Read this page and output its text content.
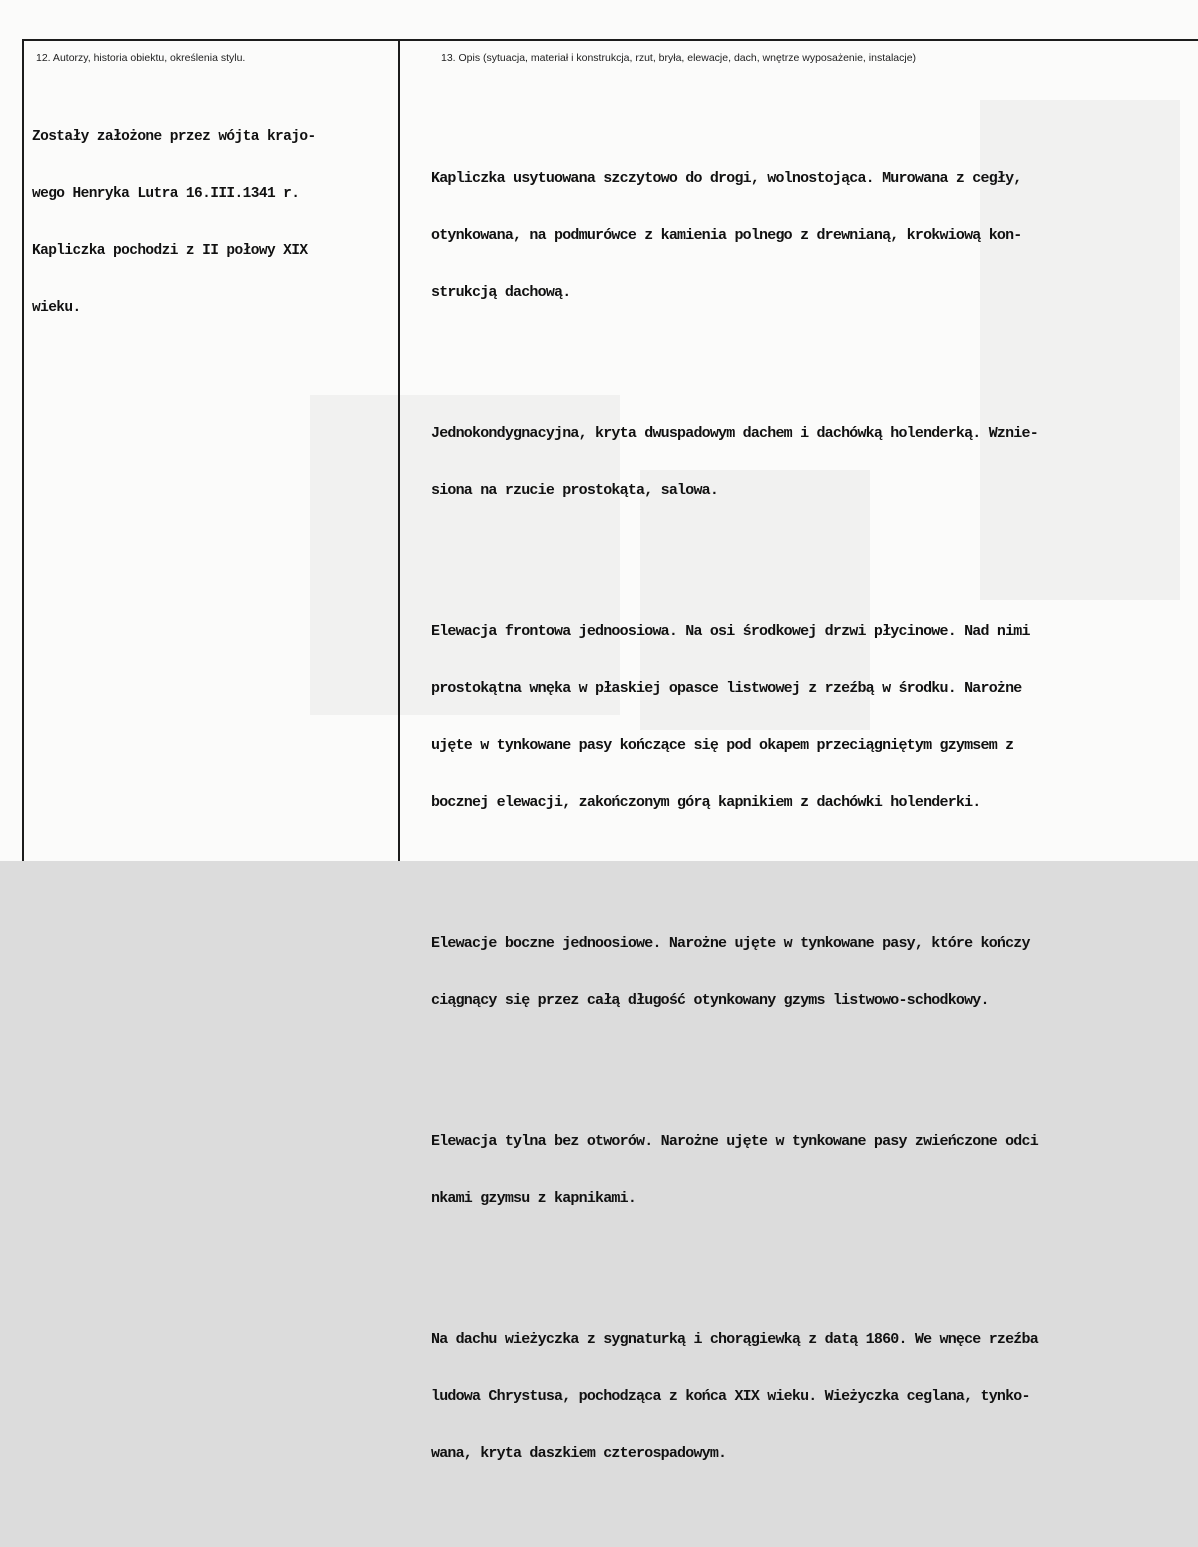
12. Autorzy, historia obiektu, określenia stylu.

Zostały założone przez wójta krajo-

wego Henryka Lutra 16.III.1341 r.

Kapliczka pochodzi z II połowy XIX

wieku.

13. Opis (sytuacja, materiał i konstrukcja, rzut, bryła, elewacje, dach, wnętrze wyposażenie, instalacje)

Kapliczka usytuowana szczytowo do drogi, wolnostojąca. Murowana z cegły,

otynkowana, na podmurówce z kamienia polnego z drewnianą, krokwiową kon-

strukcją dachową.

Jednokondygnacyjna, kryta dwuspadowym dachem i dachówką holenderką. Wznie-

siona na rzucie prostokąta, salowa.

Elewacja frontowa jednoosiowa. Na osi środkowej drzwi płycinowe. Nad nimi

prostokątna wnęka w płaskiej opasce listwowej z rzeźbą w środku. Narożne

ujęte w tynkowane pasy kończące się pod okapem przeciągniętym gzymsem z

bocznej elewacji, zakończonym górą kapnikiem z dachówki holenderki.

Elewacje boczne jednoosiowe. Narożne ujęte w tynkowane pasy, które kończy

ciągnący się przez całą długość otynkowany gzyms listwowo-schodkowy.

Elewacja tylna bez otworów. Narożne ujęte w tynkowane pasy zwieńczone odci

nkami gzymsu z kapnikami.

Na dachu wieżyczka z sygnaturką i chorągiewką z datą 1860. We wnęce rzeźba

ludowa Chrystusa, pochodząca z końca XIX wieku. Wieżyczka ceglana, tynko-

wana, kryta daszkiem czterospadowym.
